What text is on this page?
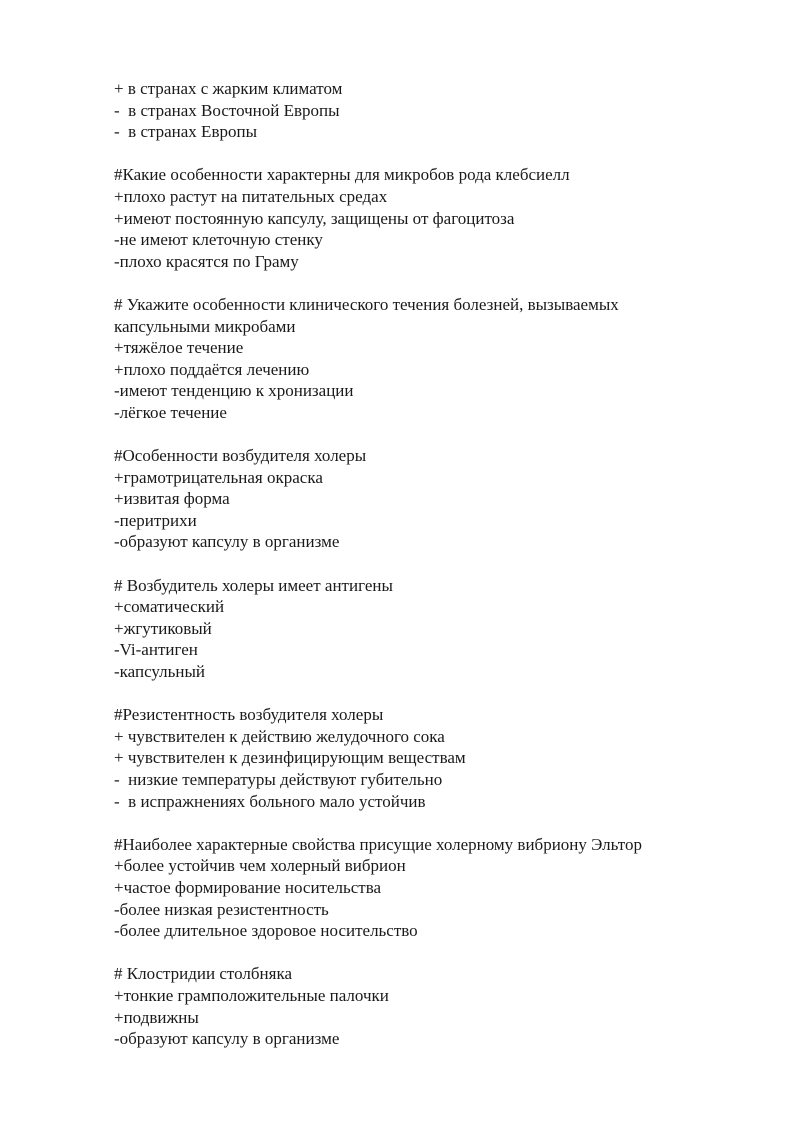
+ в странах с жарким климатом
-  в странах Восточной Европы
-  в странах Европы
#Какие особенности характерны для микробов рода клебсиелл
+плохо растут на питательных средах
+имеют постоянную капсулу, защищены от фагоцитоза
-не имеют клеточную стенку
-плохо красятся по Граму
# Укажите особенности клинического течения болезней, вызываемых капсульными микробами
+тяжёлое течение
+плохо поддаётся лечению
-имеют тенденцию к хронизации
-лёгкое течение
#Особенности возбудителя холеры
+грамотрицательная окраска
+извитая форма
-перитрихи
-образуют капсулу в организме
# Возбудитель холеры имеет антигены
+соматический
+жгутиковый
-Vi-антиген
-капсульный
#Резистентность возбудителя холеры
+ чувствителен к действию желудочного сока
+ чувствителен к дезинфицирующим веществам
-  низкие температуры действуют губительно
-  в испражнениях больного мало устойчив
#Наиболее характерные свойства присущие холерному вибриону Эльтор
+более устойчив чем холерный вибрион
+частое формирование носительства
-более низкая резистентность
-более длительное здоровое носительство
# Клостридии столбняка
+тонкие грамположительные палочки
+подвижны
-образуют капсулу в организме
